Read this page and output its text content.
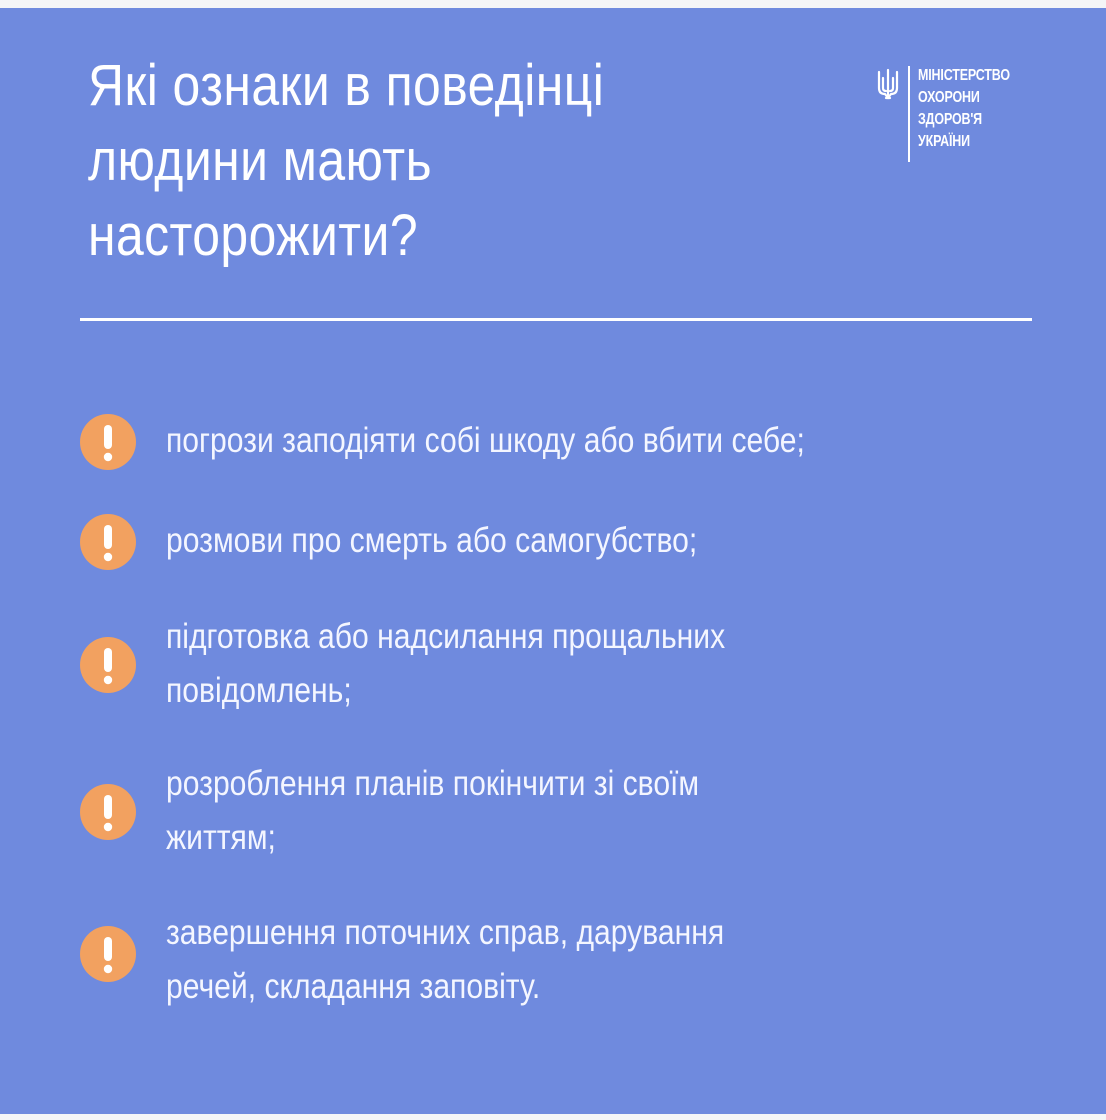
Які ознаки в поведінці
людини мають
насторожити?
МІНІСТЕРСТВО
ОХОРОНИ
ЗДОРОВ'Я
УКРАЇНИ
погрози заподіяти собі шкоду або вбити себе;
розмови про смерть або самогубство;
підготовка або надсилання прощальних
повідомлень;
розроблення планів покінчити зі своїм
життям;
завершення поточних справ, дарування
речей, складання заповіту.
